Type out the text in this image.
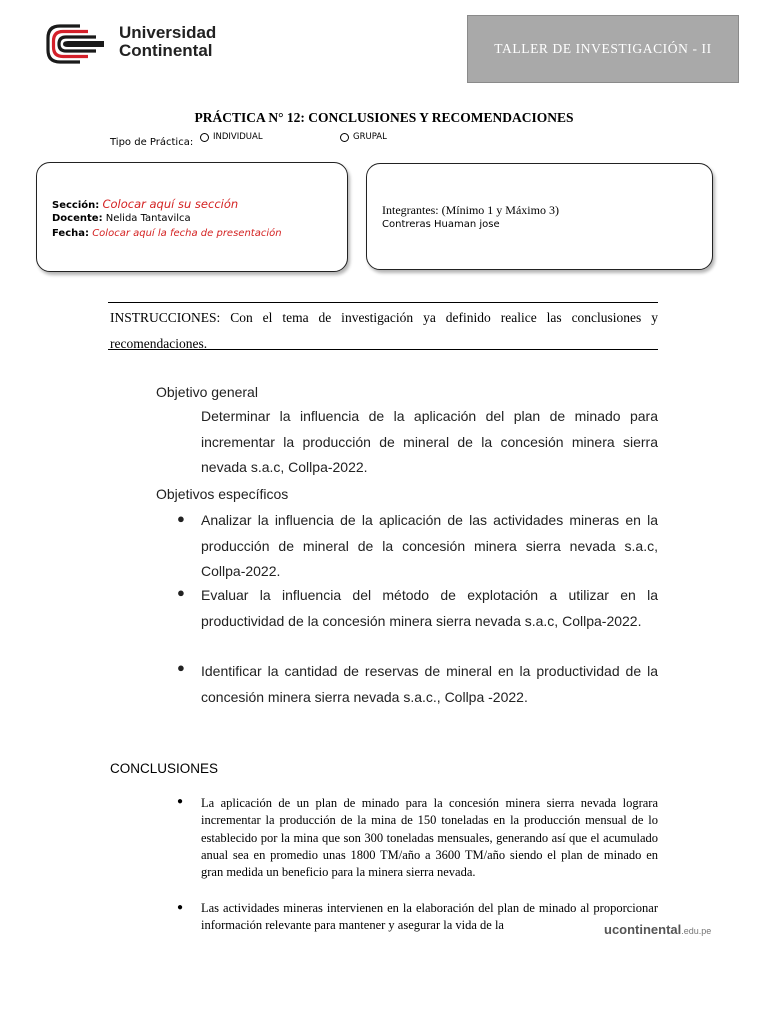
Universidad
Continental	TALLER DE INVESTIGACIÓN - II
PRÁCTICA N° 12: CONCLUSIONES Y RECOMENDACIONES
Tipo de Práctica: INDIVIDUAL	GRUPAL
Sección: Colocar aquí su sección
Docente: Nelida Tantavilca
Fecha: Colocar aquí la fecha de presentación
Integrantes: (Mínimo 1 y Máximo 3)
Contreras Huaman jose
INSTRUCCIONES: Con el tema de investigación ya definido realice las conclusiones y recomendaciones.
Objetivo general
Determinar la influencia de la aplicación del plan de minado para incrementar la producción de mineral de la concesión minera sierra nevada s.a.c, Collpa-2022.
Objetivos específicos
● Analizar la influencia de la aplicación de las actividades mineras en la producción de mineral de la concesión minera sierra nevada s.a.c, Collpa-2022.
● Evaluar la influencia del método de explotación a utilizar en la productividad de la concesión minera sierra nevada s.a.c, Collpa-2022.
● Identificar la cantidad de reservas de mineral en la productividad de la concesión minera sierra nevada s.a.c., Collpa -2022.
CONCLUSIONES
● La aplicación de un plan de minado para la concesión minera sierra nevada lograra incrementar la producción de la mina de 150 toneladas en la producción mensual de lo establecido por la mina que son 300 toneladas mensuales, generando así que el acumulado anual sea en promedio unas 1800 TM/año a 3600 TM/año siendo el plan de minado en gran medida un beneficio para la minera sierra nevada.
● Las actividades mineras intervienen en la elaboración del plan de minado al proporcionar información relevante para mantener y asegurar la vida de la	ucontinental.edu.pe
